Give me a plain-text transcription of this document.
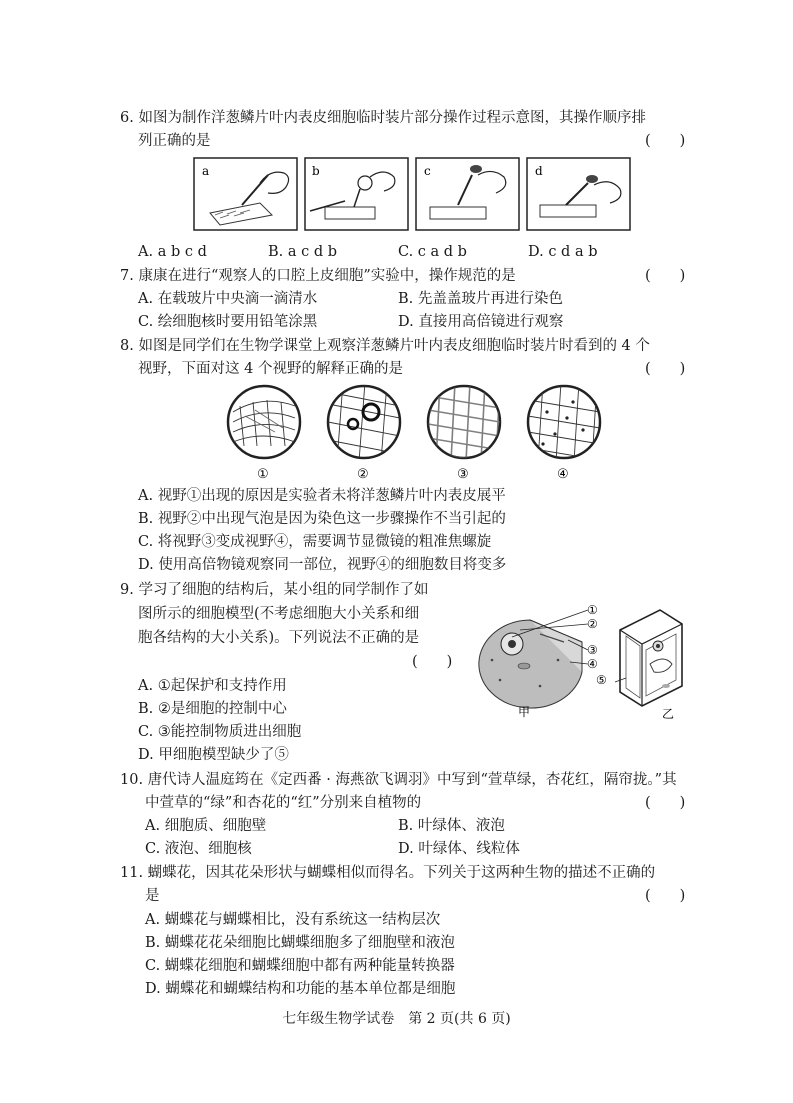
6. 如图为制作洋葱鳞片叶内表皮细胞临时装片部分操作过程示意图，其操作顺序排
列正确的是	(　　)
a	b	c	d
A. a b c d	B. a c d b	C. c a d b	D. c d a b
7. 康康在进行“观察人的口腔上皮细胞”实验中，操作规范的是	(　　)
A. 在载玻片中央滴一滴清水	B. 先盖盖玻片再进行染色
C. 绘细胞核时要用铅笔涂黑	D. 直接用高倍镜进行观察
8. 如图是同学们在生物学课堂上观察洋葱鳞片叶内表皮细胞临时装片时看到的 4 个
视野，下面对这 4 个视野的解释正确的是	(　　)
①	②	③	④
A. 视野①出现的原因是实验者未将洋葱鳞片叶内表皮展平
B. 视野②中出现气泡是因为染色这一步骤操作不当引起的
C. 将视野③变成视野④，需要调节显微镜的粗准焦螺旋
D. 使用高倍物镜观察同一部位，视野④的细胞数目将变多
9. 学习了细胞的结构后，某小组的同学制作了如
图所示的细胞模型(不考虑细胞大小关系和细
胞各结构的大小关系)。下列说法不正确的是
(　　)
甲
①
②
③
④
⑤
乙
A. ①起保护和支持作用
B. ②是细胞的控制中心
C. ③能控制物质进出细胞
D. 甲细胞模型缺少了⑤
10. 唐代诗人温庭筠在《定西番 · 海燕欲飞调羽》中写到“萱草绿，杏花红，隔帘拢。”其
中萱草的“绿”和杏花的“红”分别来自植物的	(　　)
A. 细胞质、细胞壁	B. 叶绿体、液泡
C. 液泡、细胞核	D. 叶绿体、线粒体
11. 蝴蝶花，因其花朵形状与蝴蝶相似而得名。下列关于这两种生物的描述不正确的
是	(　　)
A. 蝴蝶花与蝴蝶相比，没有系统这一结构层次
B. 蝴蝶花花朵细胞比蝴蝶细胞多了细胞壁和液泡
C. 蝴蝶花细胞和蝴蝶细胞中都有两种能量转换器
D. 蝴蝶花和蝴蝶结构和功能的基本单位都是细胞
七年级生物学试卷　第 2 页(共 6 页)
